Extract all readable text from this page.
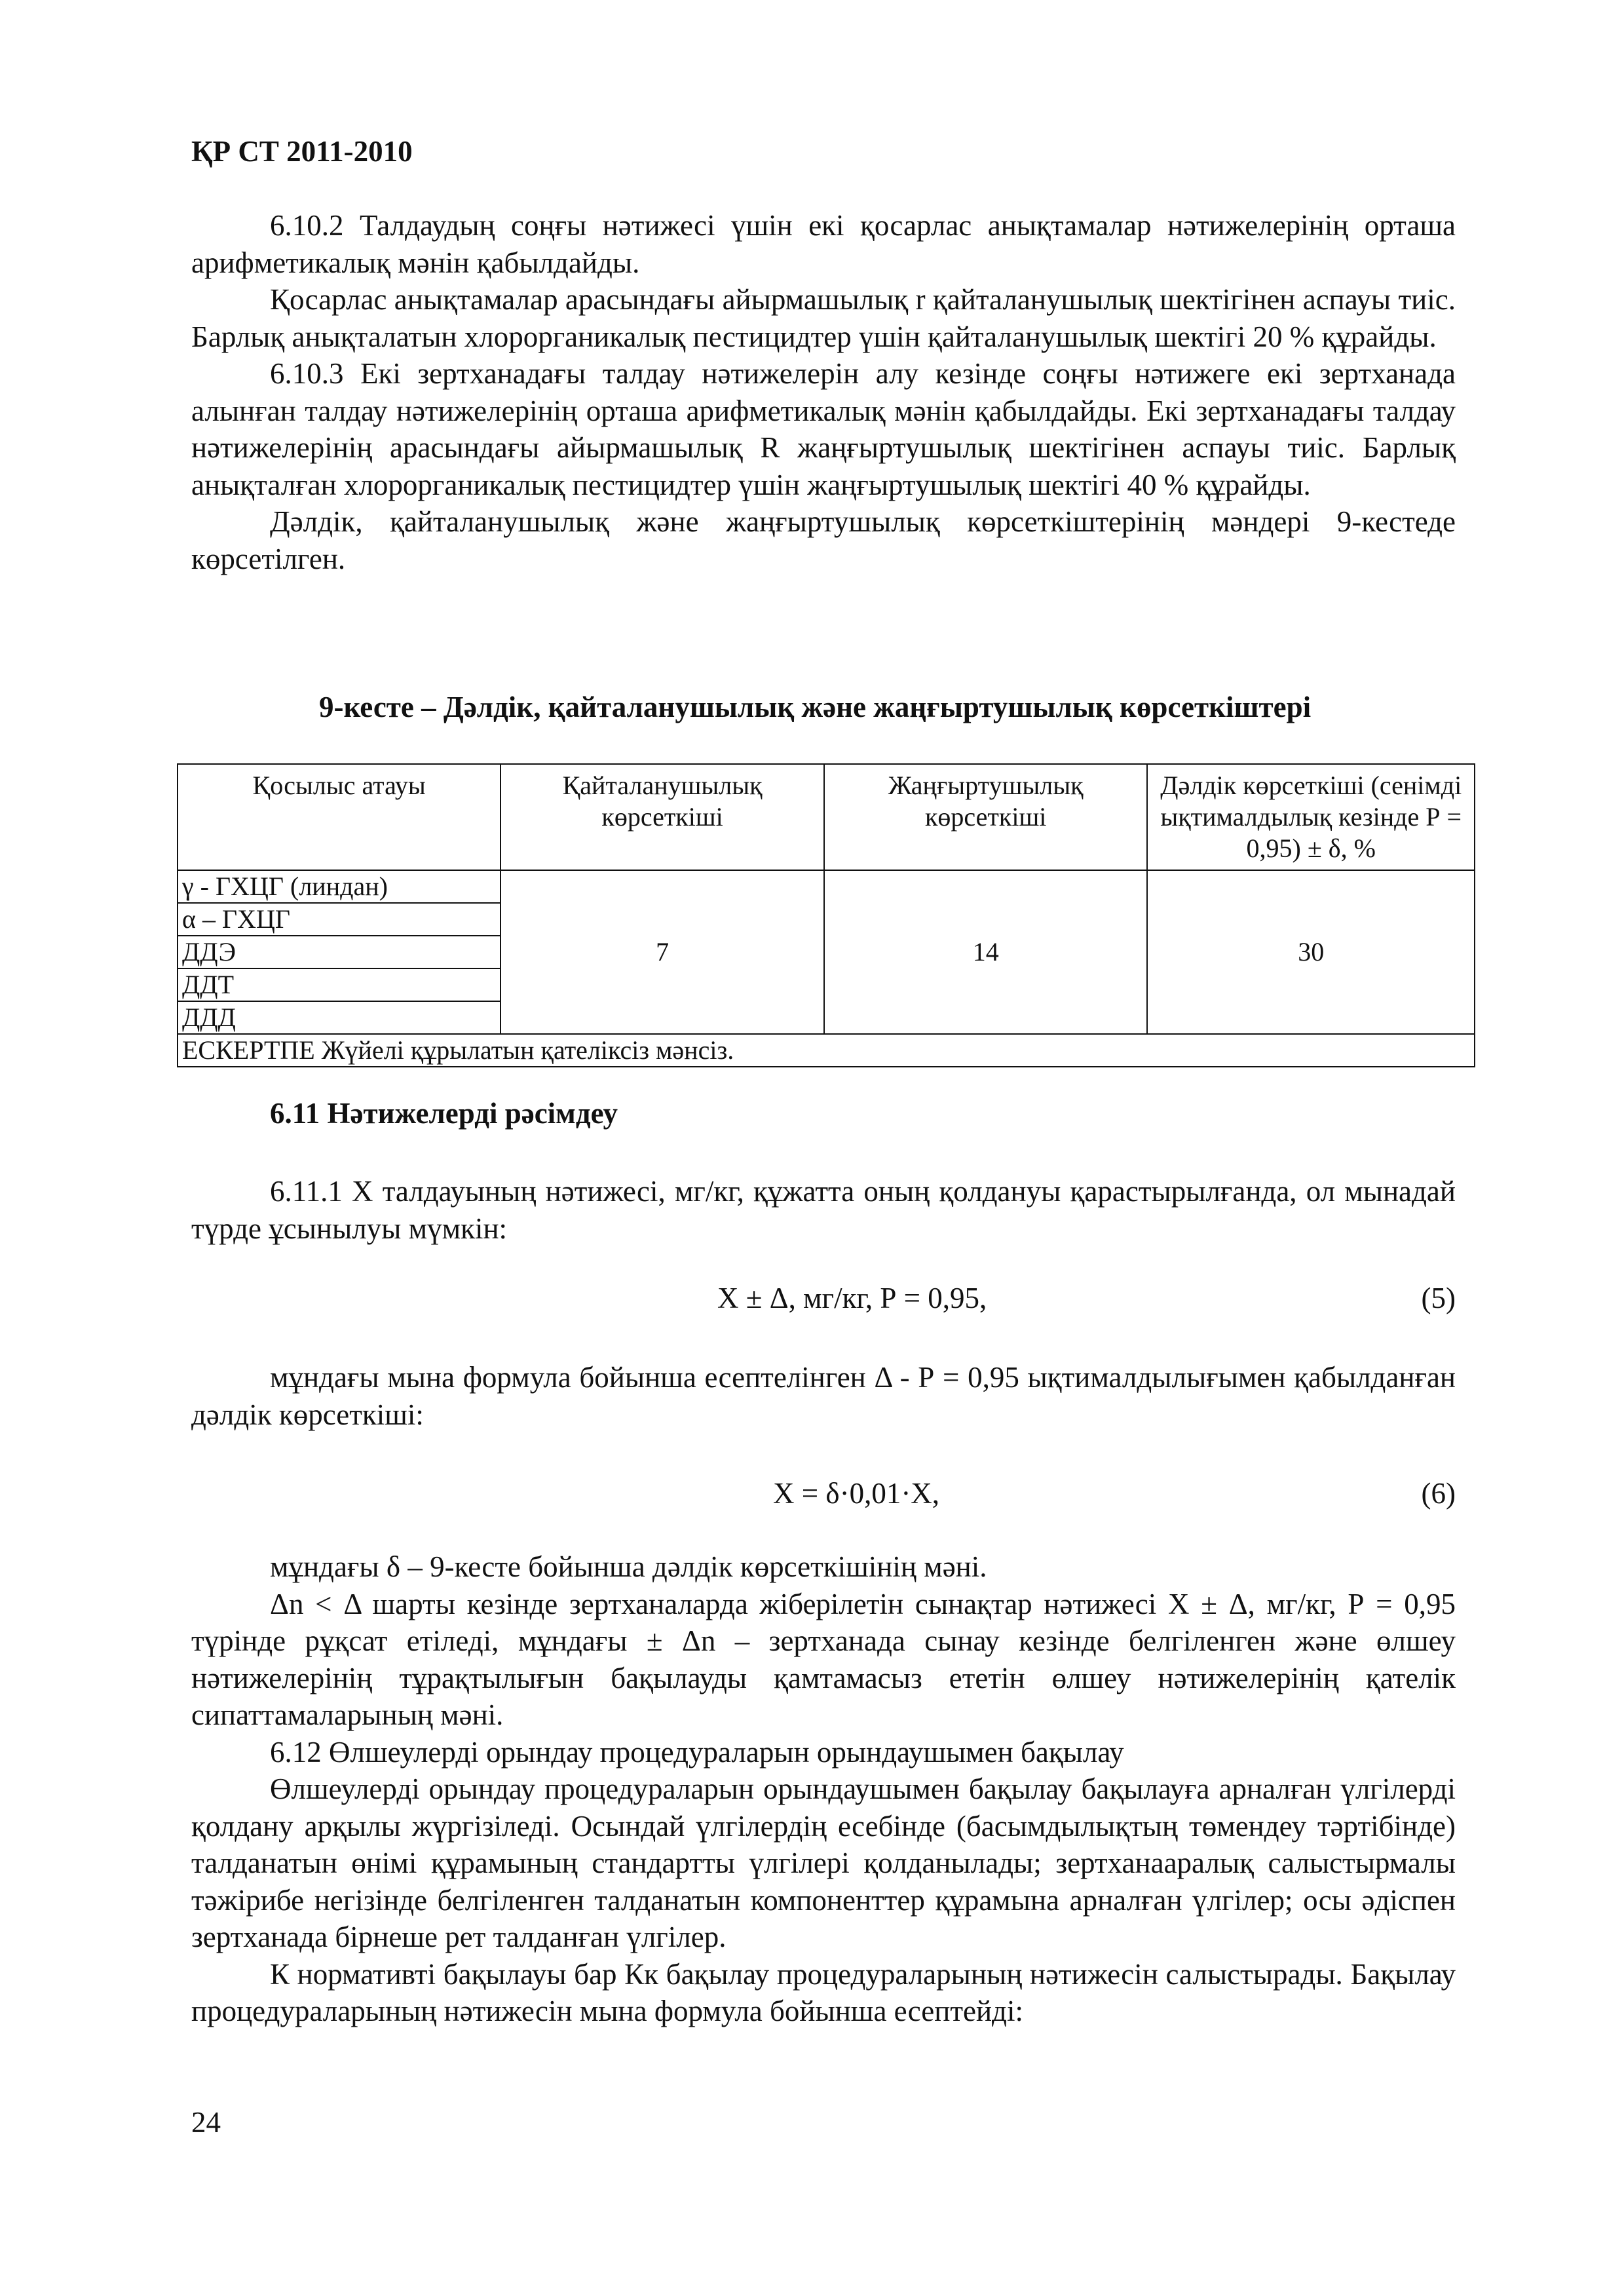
ҚР СТ 2011-2010

6.10.2 Талдаудың соңғы нәтижесі үшін екі қосарлас анықтамалар нәтижелерінің орташа арифметикалық мәнін қабылдайды.

Қосарлас анықтамалар арасындағы айырмашылық r қайталанушылық шектігінен аспауы тиіс. Барлық анықталатын хлорорганикалық пестицидтер үшін қайталанушылық шектігі 20 % құрайды.

6.10.3 Екі зертханадағы талдау нәтижелерін алу кезінде соңғы нәтижеге екі зертханада алынған талдау нәтижелерінің орташа арифметикалық мәнін қабылдайды. Екі зертханадағы талдау нәтижелерінің арасындағы айырмашылық R жаңғыртушылық шектігінен аспауы тиіс. Барлық анықталған хлорорганикалық пестицидтер үшін жаңғыртушылық шектігі 40 % құрайды.

Дәлдік, қайталанушылық және жаңғыртушылық көрсеткіштерінің мәндері 9-кестеде көрсетілген.

9-кесте – Дәлдік, қайталанушылық және жаңғыртушылық көрсеткіштері
Қосылыс атауы	Қайталанушылық көрсеткіші	Жаңғыртушылық көрсеткіші	Дәлдік көрсеткіші (сенімді ықтималдылық кезінде Р = 0,95) ± δ, %
γ - ГХЦГ (линдан)	7	14	30
α – ГХЦГ			
ДДЭ			
ДДТ			
ДДД			
ЕСКЕРТПЕ Жүйелі құрылатын қателіксіз мәнсіз.			
6.11 Нәтижелерді рәсімдеу

6.11.1 X талдауының нәтижесі, мг/кг, құжатта оның қолдануы қарастырылғанда, ол мынадай түрде ұсынылуы мүмкін:

Х ± Δ, мг/кг, Р = 0,95,	(5)

мұндағы мына формула бойынша есептелінген Δ - Р = 0,95 ықтималдылығымен қабылданған дәлдік көрсеткіші:

Х = δ·0,01·Х,	(6)

мұндағы δ – 9-кесте бойынша дәлдік көрсеткішінің мәні.

Δn < Δ шарты кезінде зертханаларда жіберілетін сынақтар нәтижесі Х ± Δ, мг/кг, Р = 0,95 түрінде рұқсат етіледі, мұндағы ± Δn – зертханада сынау кезінде белгіленген және өлшеу нәтижелерінің тұрақтылығын бақылауды қамтамасыз ететін өлшеу нәтижелерінің қателік сипаттамаларының мәні.

6.12 Өлшеулерді орындау процедураларын орындаушымен бақылау

Өлшеулерді орындау процедураларын орындаушымен бақылау бақылауға арналған үлгілерді қолдану арқылы жүргізіледі. Осындай үлгілердің есебінде (басымдылықтың төмендеу тәртібінде) талданатын өнімі құрамының стандартты үлгілері қолданылады; зертханааралық салыстырмалы тәжірибе негізінде белгіленген талданатын компоненттер құрамына арналған үлгілер; осы әдіспен зертханада бірнеше рет талданған үлгілер.

К нормативті бақылауы бар Кк бақылау процедураларының нәтижесін салыстырады. Бақылау процедураларының нәтижесін мына формула бойынша есептейді:

24
